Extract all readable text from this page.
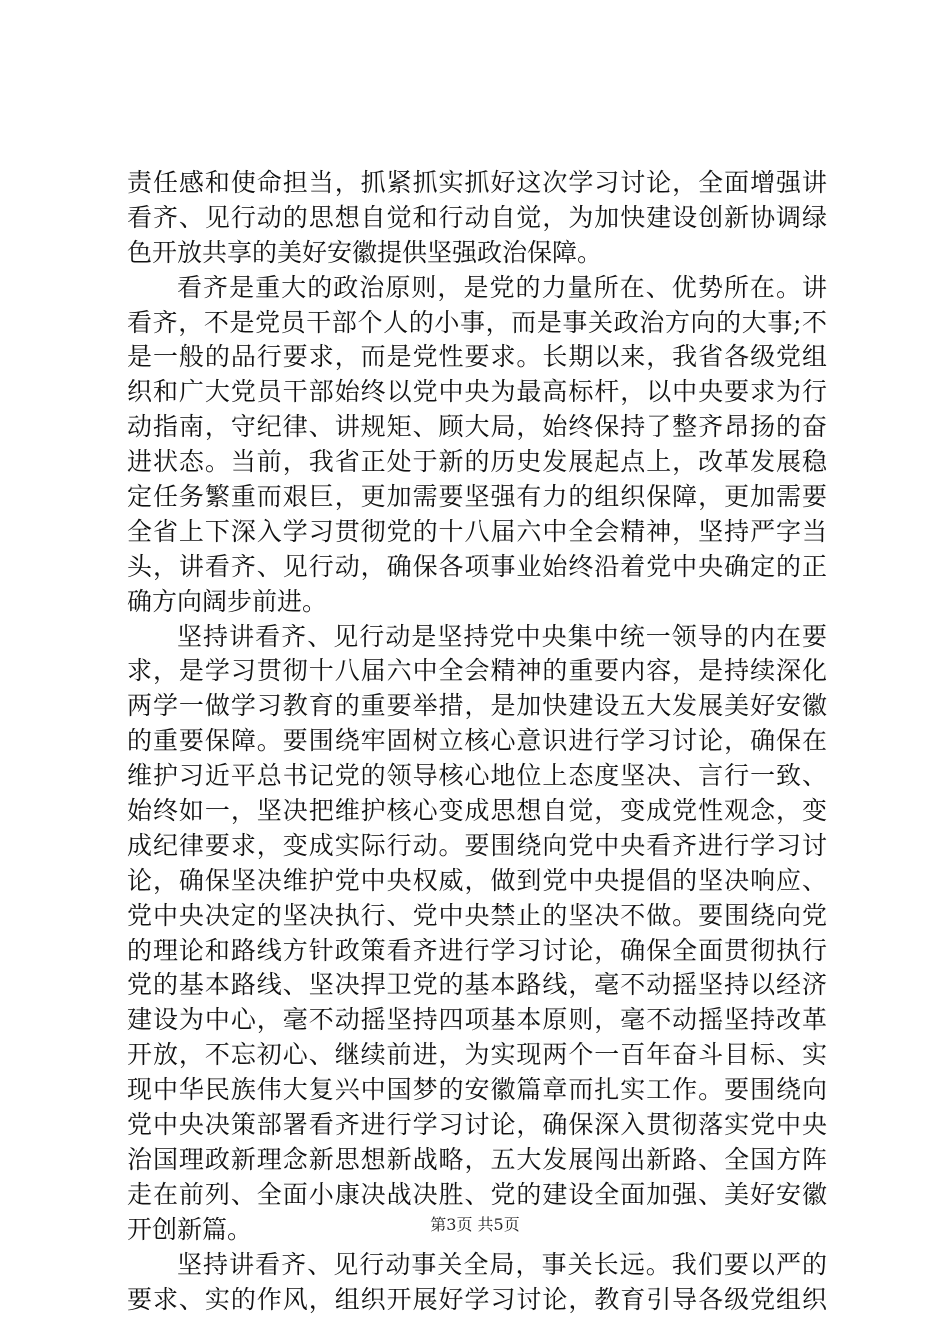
责任感和使命担当，抓紧抓实抓好这次学习讨论，全面增强讲
看齐、见行动的思想自觉和行动自觉，为加快建设创新协调绿
色开放共享的美好安徽提供坚强政治保障。
看齐是重大的政治原则，是党的力量所在、优势所在。讲
看齐，不是党员干部个人的小事，而是事关政治方向的大事;不
是一般的品行要求，而是党性要求。长期以来，我省各级党组
织和广大党员干部始终以党中央为最高标杆，以中央要求为行
动指南，守纪律、讲规矩、顾大局，始终保持了整齐昂扬的奋
进状态。当前，我省正处于新的历史发展起点上，改革发展稳
定任务繁重而艰巨，更加需要坚强有力的组织保障，更加需要
全省上下深入学习贯彻党的十八届六中全会精神，坚持严字当
头，讲看齐、见行动，确保各项事业始终沿着党中央确定的正
确方向阔步前进。
坚持讲看齐、见行动是坚持党中央集中统一领导的内在要
求，是学习贯彻十八届六中全会精神的重要内容，是持续深化
两学一做学习教育的重要举措，是加快建设五大发展美好安徽
的重要保障。要围绕牢固树立核心意识进行学习讨论，确保在
维护习近平总书记党的领导核心地位上态度坚决、言行一致、
始终如一，坚决把维护核心变成思想自觉，变成党性观念，变
成纪律要求，变成实际行动。要围绕向党中央看齐进行学习讨
论，确保坚决维护党中央权威，做到党中央提倡的坚决响应、
党中央决定的坚决执行、党中央禁止的坚决不做。要围绕向党
的理论和路线方针政策看齐进行学习讨论，确保全面贯彻执行
党的基本路线、坚决捍卫党的基本路线，毫不动摇坚持以经济
建设为中心，毫不动摇坚持四项基本原则，毫不动摇坚持改革
开放，不忘初心、继续前进，为实现两个一百年奋斗目标、实
现中华民族伟大复兴中国梦的安徽篇章而扎实工作。要围绕向
党中央决策部署看齐进行学习讨论，确保深入贯彻落实党中央
治国理政新理念新思想新战略，五大发展闯出新路、全国方阵
走在前列、全面小康决战决胜、党的建设全面加强、美好安徽
开创新篇。
坚持讲看齐、见行动事关全局，事关长远。我们要以严的
要求、实的作风，组织开展好学习讨论，教育引导各级党组织
第3页 共5页
